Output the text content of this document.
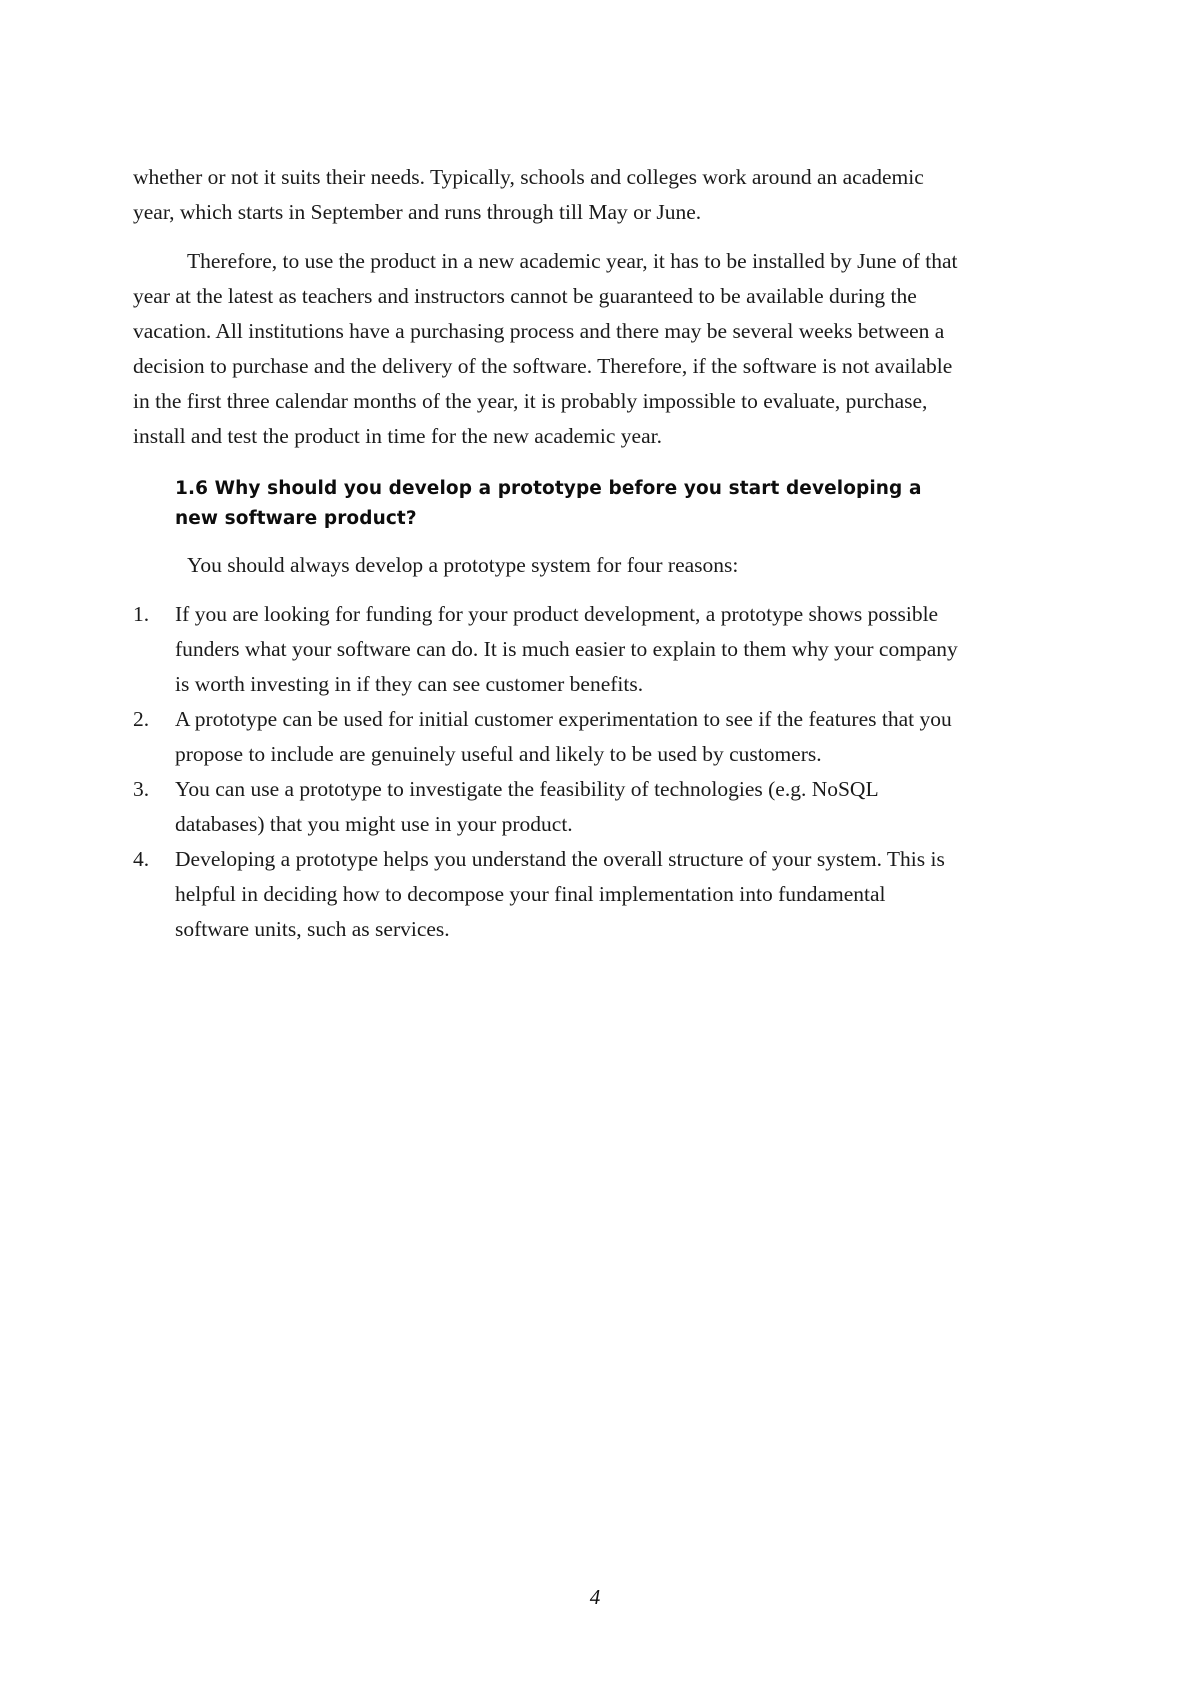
whether or not it suits their needs. Typically, schools and colleges work around an academic year, which starts in September and runs through till May or June.

Therefore, to use the product in a new academic year, it has to be installed by June of that year at the latest as teachers and instructors cannot be guaranteed to be available during the vacation. All institutions have a purchasing process and there may be several weeks between a decision to purchase and the delivery of the software. Therefore, if the software is not available in the first three calendar months of the year, it is probably impossible to evaluate, purchase, install and test the product in time for the new academic year.

1.6 Why should you develop a prototype before you start developing a new software product?

You should always develop a prototype system for four reasons:

1.	If you are looking for funding for your product development, a prototype shows possible funders what your software can do. It is much easier to explain to them why your company is worth investing in if they can see customer benefits.
2.	A prototype can be used for initial customer experimentation to see if the features that you propose to include are genuinely useful and likely to be used by customers.
3.	You can use a prototype to investigate the feasibility of technologies (e.g. NoSQL databases) that you might use in your product.
4.	Developing a prototype helps you understand the overall structure of your system. This is helpful in deciding how to decompose your final implementation into fundamental software units, such as services.
4
